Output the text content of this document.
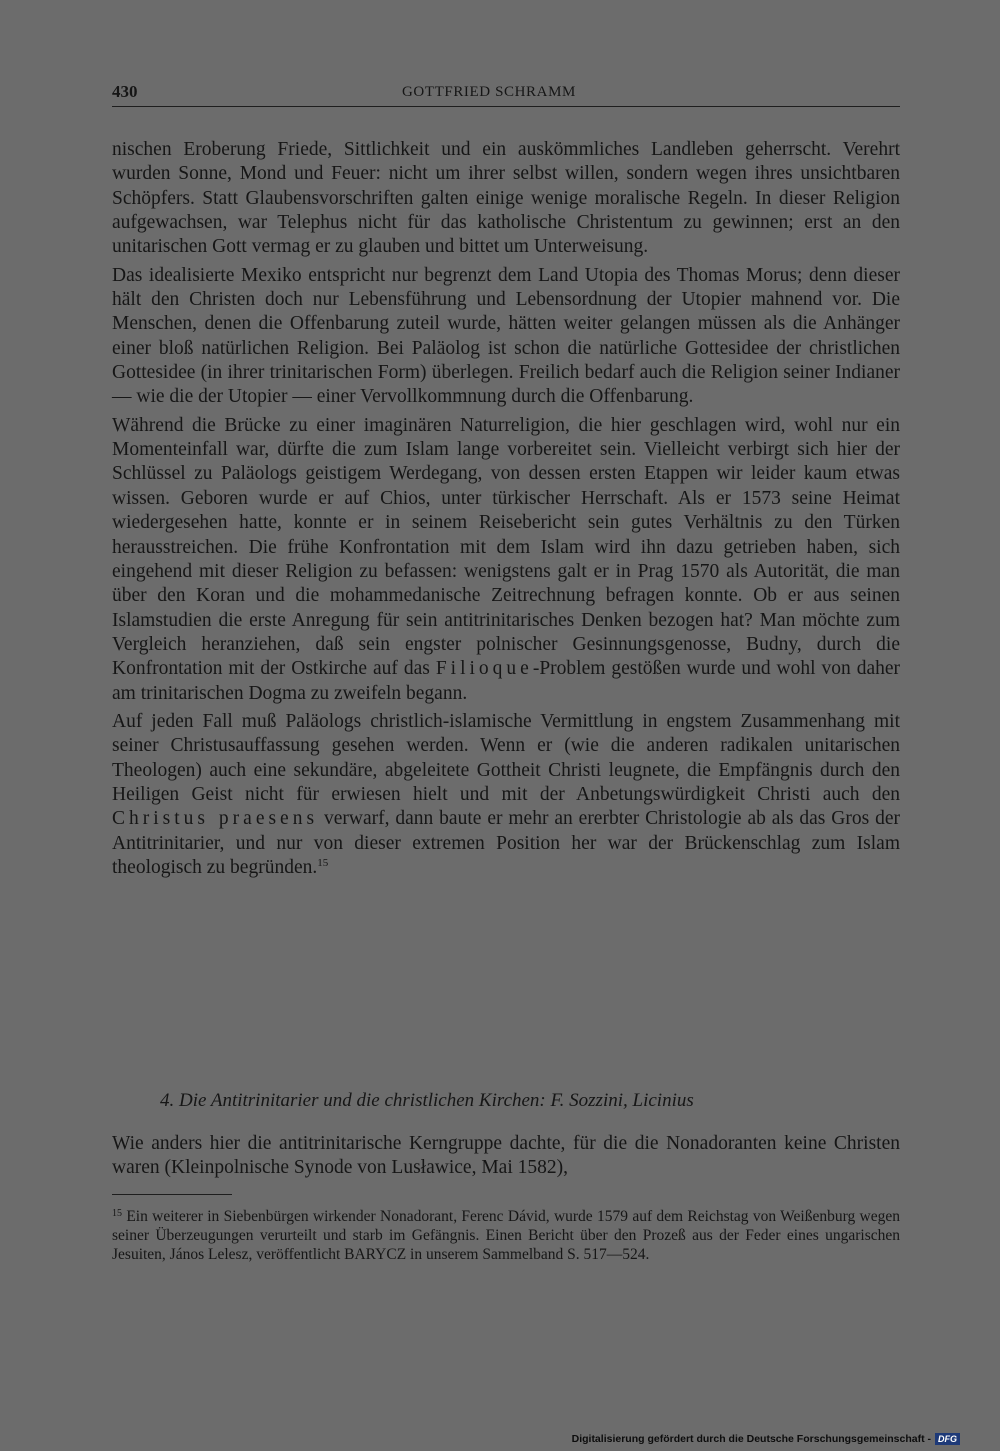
430	GOTTFRIED SCHRAMM

nischen Eroberung Friede, Sittlichkeit und ein auskömmliches Landleben geherrscht. Verehrt wurden Sonne, Mond und Feuer: nicht um ihrer selbst willen, sondern wegen ihres unsichtbaren Schöpfers. Statt Glaubensvorschriften galten einige wenige moralische Regeln. In dieser Religion aufgewachsen, war Telephus nicht für das katholische Christentum zu gewinnen; erst an den unitarischen Gott vermag er zu glauben und bittet um Unterweisung.

Das idealisierte Mexiko entspricht nur begrenzt dem Land Utopia des Thomas Morus; denn dieser hält den Christen doch nur Lebensführung und Lebensordnung der Utopier mahnend vor. Die Menschen, denen die Offenbarung zuteil wurde, hätten weiter gelangen müssen als die Anhänger einer bloß natürlichen Religion. Bei Paläolog ist schon die natürliche Gottesidee der christlichen Gottesidee (in ihrer trinitarischen Form) überlegen. Freilich bedarf auch die Religion seiner Indianer — wie die der Utopier — einer Vervollkommnung durch die Offenbarung.

Während die Brücke zu einer imaginären Naturreligion, die hier geschlagen wird, wohl nur ein Momenteinfall war, dürfte die zum Islam lange vorbereitet sein. Vielleicht verbirgt sich hier der Schlüssel zu Paläologs geistigem Werdegang, von dessen ersten Etappen wir leider kaum etwas wissen. Geboren wurde er auf Chios, unter türkischer Herrschaft. Als er 1573 seine Heimat wiedergesehen hatte, konnte er in seinem Reisebericht sein gutes Verhältnis zu den Türken herausstreichen. Die frühe Konfrontation mit dem Islam wird ihn dazu getrieben haben, sich eingehend mit dieser Religion zu befassen: wenigstens galt er in Prag 1570 als Autorität, die man über den Koran und die mohammedanische Zeitrechnung befragen konnte. Ob er aus seinen Islamstudien die erste Anregung für sein antitrinitarisches Denken bezogen hat? Man möchte zum Vergleich heranziehen, daß sein engster polnischer Gesinnungsgenosse, Budny, durch die Konfrontation mit der Ostkirche auf das Filioque-Problem gestößen wurde und wohl von daher am trinitarischen Dogma zu zweifeln begann.

Auf jeden Fall muß Paläologs christlich-islamische Vermittlung in engstem Zusammenhang mit seiner Christusauffassung gesehen werden. Wenn er (wie die anderen radikalen unitarischen Theologen) auch eine sekundäre, abgeleitete Gottheit Christi leugnete, die Empfängnis durch den Heiligen Geist nicht für erwiesen hielt und mit der Anbetungswürdigkeit Christi auch den Christus praesens verwarf, dann baute er mehr an ererbter Christologie ab als das Gros der Antitrinitarier, und nur von dieser extremen Position her war der Brückenschlag zum Islam theologisch zu begründen.$^{15}$

4. Die Antitrinitarier und die christlichen Kirchen: F. Sozzini, Licinius

Wie anders hier die antitrinitarische Kerngruppe dachte, für die die Nonadoranten keine Christen waren (Kleinpolnische Synode von Lusławice, Mai 1582),

$^{15}$ Ein weiterer in Siebenbürgen wirkender Nonadorant, Ferenc Dávid, wurde 1579 auf dem Reichstag von Weißenburg wegen seiner Überzeugungen verurteilt und starb im Gefängnis. Einen Bericht über den Prozeß aus der Feder eines ungarischen Jesuiten, János Lelesz, veröffentlicht BARYCZ in unserem Sammelband S. 517—524.

Digitalisierung gefördert durch die Deutsche Forschungsgemeinschaft - DFG
